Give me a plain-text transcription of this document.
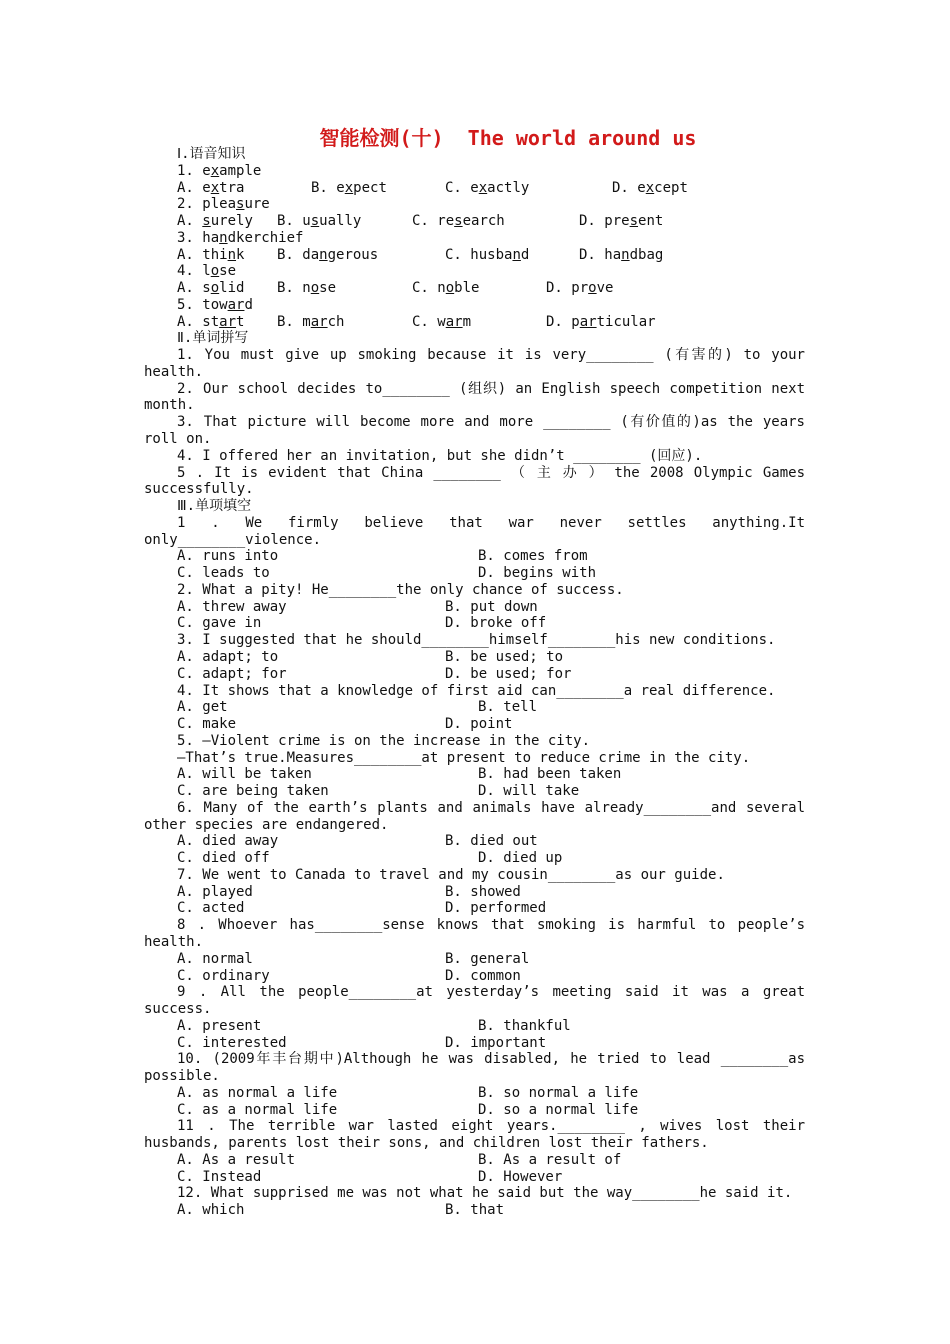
智能检测(十)  The world around us
Ⅰ.语音知识
1. example
A. extra	B. expect	C. exactly	D. except
2. pleasure
A. surely B. usually	C. research	D. present
3. handkerchief
A. think B. dangerous	C. husband	D. handbag
4. lose
A. solid B. nose	C. noble	D. prove
5. toward
A. start B. march	C. warm	D. particular
Ⅱ.单词拼写
1. You must give up smoking because it is very________ (有害的) to your
health.
2. Our school decides to________ (组织) an English speech competition next
month.
3. That picture will become more and more ________ (有价值的)as the years
roll on.
4. I offered her an invitation, but she didn’t ________ (回应).
5 . It is evident that China ________ （ 主 办 ） the 2008 Olympic Games
successfully.
Ⅲ.单项填空
1 . We firmly believe that war never settles anything.It
only________violence.
A. runs into	B. comes from
C. leads to	D. begins with
2. What a pity! He________the only chance of success.
A. threw away	B. put down
C. gave in	D. broke off
3. I suggested that he should________himself________his new conditions.
A. adapt; to	B. be used; to
C. adapt; for	D. be used; for
4. It shows that a knowledge of first aid can________a real difference.
A. get	B. tell
C. make	D. point
5. —Violent crime is on the increase in the city.
—That’s true.Measures________at present to reduce crime in the city.
A. will be taken	B. had been taken
C. are being taken	D. will take
6. Many of the earth’s plants and animals have already________and several
other species are endangered.
A. died away	B. died out
C. died off	D. died up
7. We went to Canada to travel and my cousin________as our guide.
A. played	B. showed
C. acted	D. performed
8 . Whoever has________sense knows that smoking is harmful to people’s
health.
A. normal	B. general
C. ordinary	D. common
9 . All the people________at yesterday’s meeting said it was a great
success.
A. present	B. thankful
C. interested	D. important
10. (2009年丰台期中)Although he was disabled, he tried to lead ________as
possible.
A. as normal a life	B. so normal a life
C. as a normal life	D. so a normal life
11 . The terrible war lasted eight years.________ , wives lost their
husbands, parents lost their sons, and children lost their fathers.
A. As a result	B. As a result of
C. Instead	D. However
12. What supprised me was not what he said but the way________he said it.
A. which	B. that
